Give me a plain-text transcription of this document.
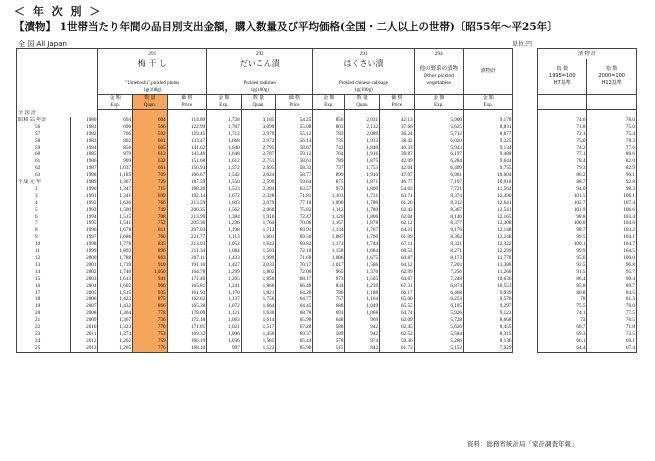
＜ 年 次 別 ＞
【漬物】 1世帯当たり年間の品目別支出金額，購入数量及び平均価格(全国・二人以上の世帯)〔昭55年～平25年〕
全 国 All Japan	単位:円
		291			292			293			294	漬物計		漬 物 計	
		梅 干 し			だいこん漬			はくさい漬			他の野菜の漬物
Other pickled vegetables			指 数
1995=100
H7基準	指 数
2000=100
H12基準
		"Umeboshi",pickled plums
1g(100g)			Pickled radishes
1g(100g)			Pickled chinese cabbage
1g(100g)							
		金 額
Exp.	数 量
Quan.	価 格
Price	金 額
Exp.	数 量
Quan.	価 格
Price	金 額
Exp.	数 量
Quan.	価 格
Price	金 額
Exp.	金 額
Exp.			
全 国 計															
昭和 55 年計	1980	694	604	114.89	1,728	3,185	54.25	856	2,031	42.13	5,900	9,178		74.6	78.0
56	1981	696	566	122.99	1,707	3,099	55.08	803	2,132	37.66	5,625	8,831		71.8	75.0
57	1982	766	592	129.45	1,712	2,979	55.12	783	2,089	36.24	5,712	8,877		72.1	75.4
58	1983	802	601	133.47	1,668	2,972	56.14	735	1,913	38.42	6,020	9,225		75.0	78.3
59	1984	856	605	141.62	1,640	2,795	58.67	742	1,840	40.33	5,943	9,134		74.2	77.6
60	1985	879	613	143.46	1,648	2,787	59.12	764	1,916	39.87	6,197	9,488		77.1	80.6
61	1986	909	632	151.68	1,612	2,751	58.61	789	1,875	42.09	6,284	9,644		78.4	82.0
62	1987	1,037	661	156.93	1,572	2,695	58.33	737	1,753	42.04	6,409	9,755		79.3	82.9
63	1988	1,185	709	166.67	1,542	2,624	58.77	899	1,910	47.07	6,981	10,604		86.2	90.1
平成 元 年	1989	1,367	729	187.59	1,550	2,599	59.64	875	1,871	46.77	7,107	10,918		88.7	92.8
2	1990	1,347	715	188.26	1,523	2,394	63.57	973	1,800	54.03	7,721	11,564		94.0	98.3
3	1991	1,341	699	192.14	1,672	2,328	71.81	1,103	1,731	63.71	8,374	12,490		101.5	106.1
4	1992	1,636	766	213.59	1,603	2,079	77.10	1,090	1,780	61.26	8,312	12,641		102.7	107.4
5	1993	1,500	749	200.35	1,562	2,060	75.82	1,112	1,780	62.42	8,367	12,541		101.9	106.6
6	1994	1,515	708	213.99	1,384	1,910	72.47	1,120	1,806	62.04	8,146	12,165		98.8	103.4
7	1995	1,541	752	205.36	1,236	1,764	70.06	1,167	1,878	62.12	8,377	12,308		100.0	104.6
8	1996	1,678	811	207.03	1,198	1,713	69.91	1,134	1,767	64.21	8,176	12,148		98.7	103.2
9	1997	1,686	760	221.77	1,113	1,601	69.56	1,087	1,760	61.09	8,362	12,248		99.5	104.1
10	1998	1,778	835	213.03	1,052	1,642	69.82	1,171	1,744	67.11	8,321	12,322		100.1	104.7
11	1999	1,893	896	211.34	1,084	1,503	72.10	1,158	1,684	68.52	8,271	12,299		99.9	104.5
12	2000	1,788	863	207.11	1,433	1,999	71.69	1,086	1,675	64.87	8,173	11,770		95.6	100.0
13	2001	1,739	910	191.10	1,427	2,033	70.17	1,017	1,586	64.12	7,203	11,386		92.5	96.8
14	2002	1,740	1,050	164.78	1,299	1,802	72.06	965	1,376	62.99	7,256	11,260		91.5	95.7
15	2003	1,613	941	171.46	1,265	1,856	68.17	973	1,505	64.67	7,248	10,636		86.4	90.4
16	2004	1,602	966	165.81	1,241	1,866	66.48	834	1,239	67.31	6,874	10,551		85.8	89.7
17	2005	1,515	935	161.93	1,170	1,821	64.26	786	1,188	66.17	6,468	9,939		80.8	84.5
18	2006	1,423	875	162.62	1,137	1,756	64.77	757	1,164	65.00	6,253	9,576		78	81.3
19	2007	1,432	866	165.38	1,072	1,664	64.45	688	1,049	65.55	6,105	9,297		75.5	79.0
20	2008	1,364	778	178.00	1,121	1,630	68.78	691	1,068	64.74	5,926	9,122		74.1	77.5
21	2009	1,367	736	172.18	1,063	1,614	65.90	648	969	62.09	5,728	8,668		73	76.5
22	2010	1,323	770	171.81	1,021	1,517	67.28	588	942	62.45	5,626	8,455		68.7	71.8
23	2011	1,274	753	169.32	1,006	1,450	69.37	589	942	62.52	5,584	8,315		69.3	72.5
24	2012	1,262	759	166.19	1,036	1,585	65.44	578	974	59.36	5,286	8,136		66.1	69.1
25	2013	1,265	776	168.10	997	1,522	65.90	515	842	61.73	5,152	7,929		64.4	67.4
資料：総務省統計局「家計調査年報」
